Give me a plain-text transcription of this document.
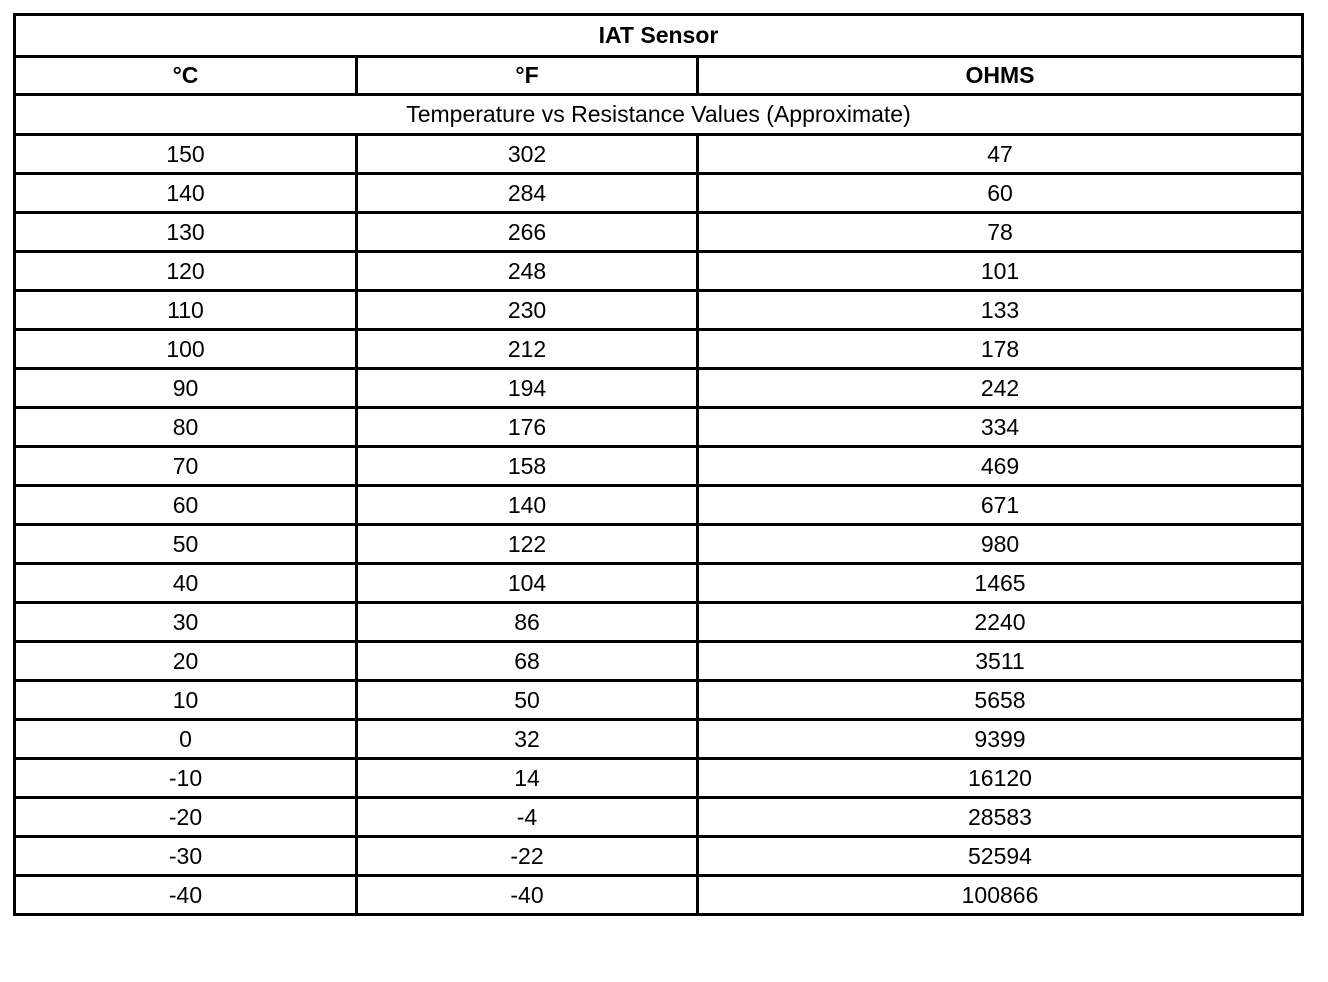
IAT Sensor		
°C	°F	OHMS
Temperature vs Resistance Values (Approximate)		
150	302	47
140	284	60
130	266	78
120	248	101
110	230	133
100	212	178
90	194	242
80	176	334
70	158	469
60	140	671
50	122	980
40	104	1465
30	86	2240
20	68	3511
10	50	5658
0	32	9399
-10	14	16120
-20	-4	28583
-30	-22	52594
-40	-40	100866
